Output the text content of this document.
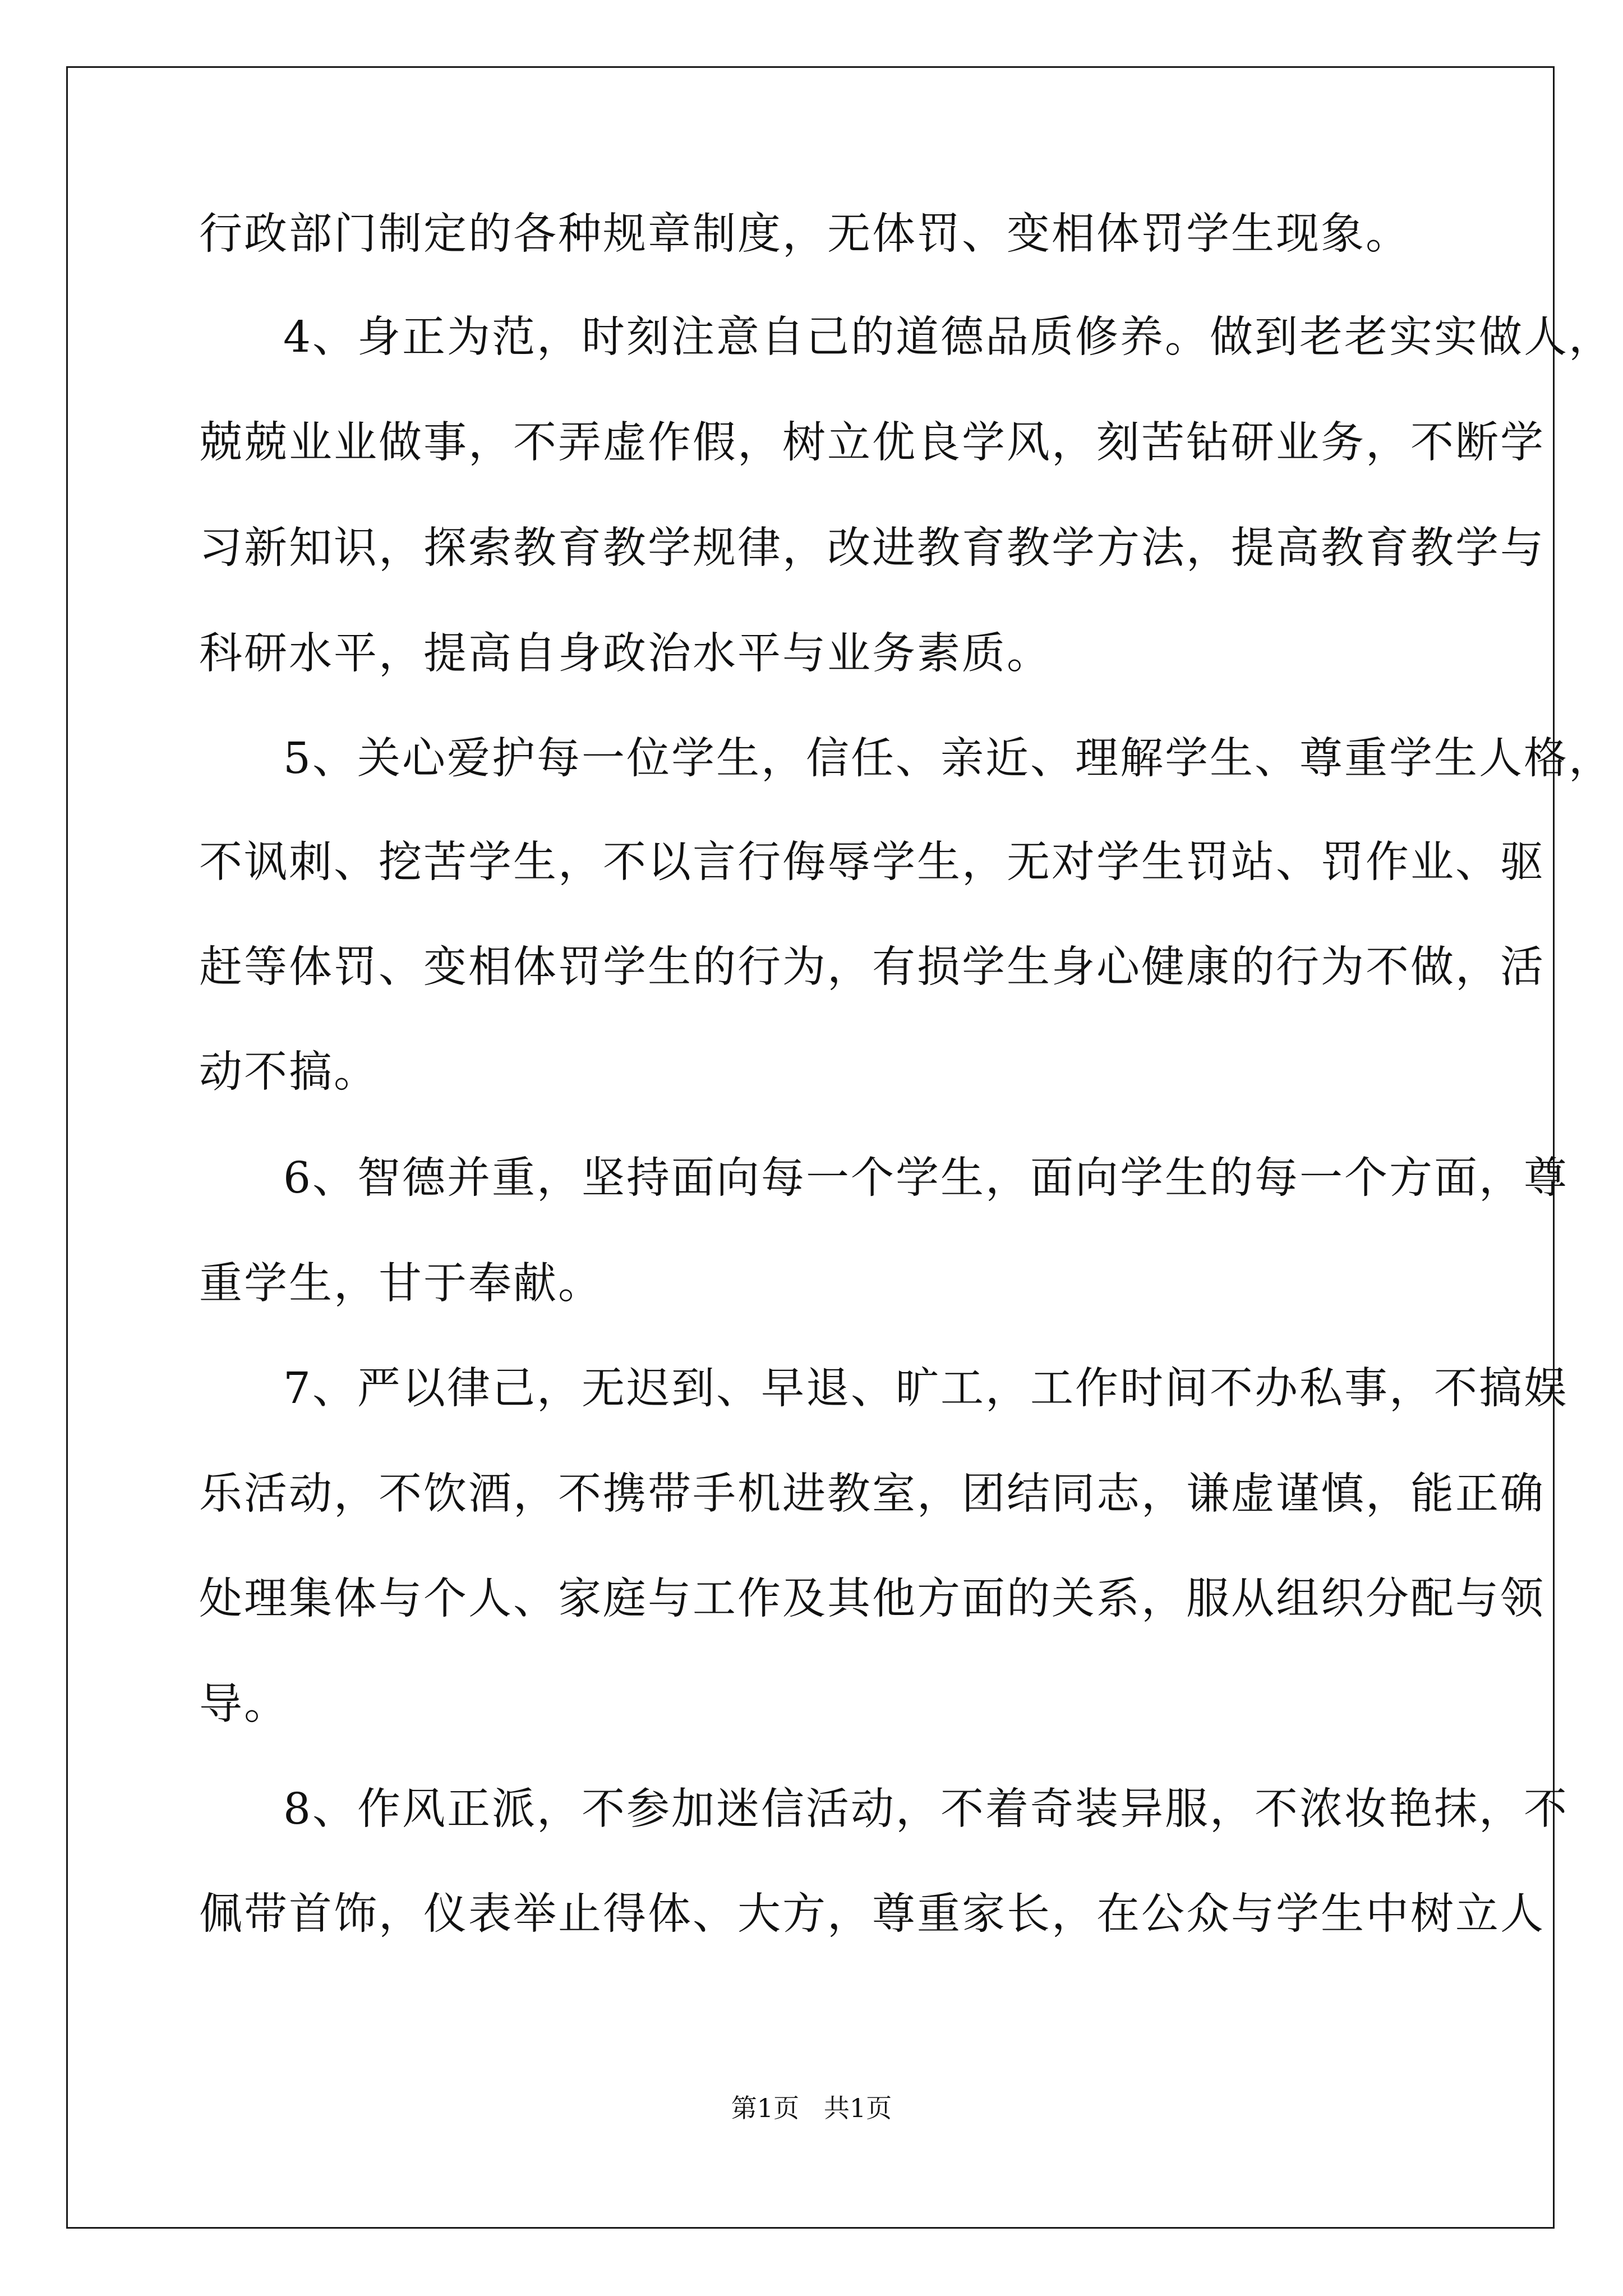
行政部门制定的各种规章制度，无体罚、变相体罚学生现象。
4、身正为范，时刻注意自己的道德品质修养。做到老老实实做人，
兢兢业业做事，不弄虚作假，树立优良学风，刻苦钻研业务，不断学
习新知识，探索教育教学规律，改进教育教学方法，提高教育教学与
科研水平，提高自身政治水平与业务素质。
5、关心爱护每一位学生，信任、亲近、理解学生、尊重学生人格，
不讽刺、挖苦学生，不以言行侮辱学生，无对学生罚站、罚作业、驱
赶等体罚、变相体罚学生的行为，有损学生身心健康的行为不做，活
动不搞。
6、智德并重，坚持面向每一个学生，面向学生的每一个方面，尊
重学生，甘于奉献。
7、严以律己，无迟到、早退、旷工，工作时间不办私事，不搞娱
乐活动，不饮酒，不携带手机进教室，团结同志，谦虚谨慎，能正确
处理集体与个人、家庭与工作及其他方面的关系，服从组织分配与领
导。
8、作风正派，不参加迷信活动，不着奇装异服，不浓妆艳抹，不
佩带首饰，仪表举止得体、大方，尊重家长，在公众与学生中树立人
第1页   共1页
